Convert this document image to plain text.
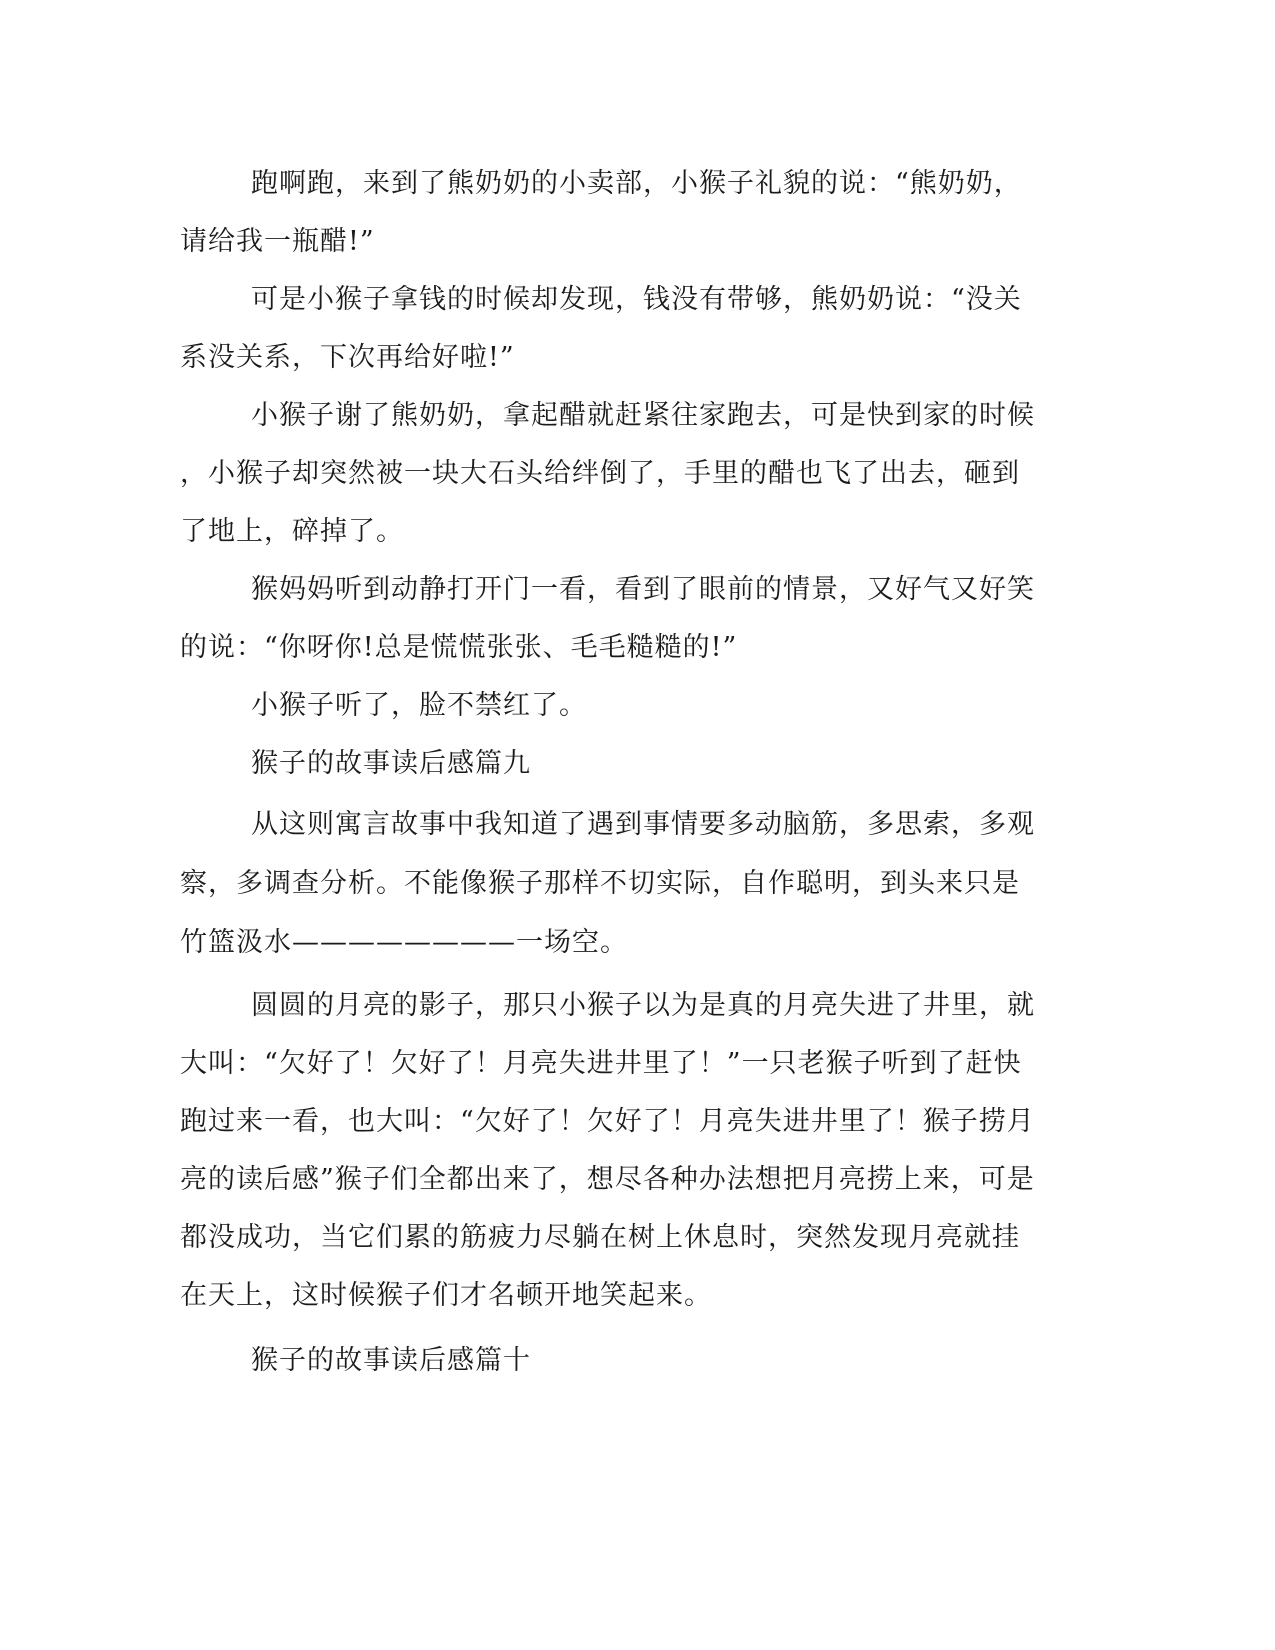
跑啊跑，来到了熊奶奶的小卖部，小猴子礼貌的说：“熊奶奶，
请给我一瓶醋!”
可是小猴子拿钱的时候却发现，钱没有带够，熊奶奶说：“没关
系没关系，下次再给好啦!”
小猴子谢了熊奶奶，拿起醋就赶紧往家跑去，可是快到家的时候
，小猴子却突然被一块大石头给绊倒了，手里的醋也飞了出去，砸到
了地上，碎掉了。
猴妈妈听到动静打开门一看，看到了眼前的情景，又好气又好笑
的说：“你呀你!总是慌慌张张、毛毛糙糙的!”
小猴子听了，脸不禁红了。
猴子的故事读后感篇九
从这则寓言故事中我知道了遇到事情要多动脑筋，多思索，多观
察，多调查分析。不能像猴子那样不切实际，自作聪明，到头来只是
竹篮汲水————————一场空。
圆圆的月亮的影子，那只小猴子以为是真的月亮失进了井里，就
大叫：“欠好了！欠好了！月亮失进井里了！”一只老猴子听到了赶快
跑过来一看，也大叫：“欠好了！欠好了！月亮失进井里了！猴子捞月
亮的读后感”猴子们全都出来了，想尽各种办法想把月亮捞上来，可是
都没成功，当它们累的筋疲力尽躺在树上休息时，突然发现月亮就挂
在天上，这时候猴子们才名顿开地笑起来。
猴子的故事读后感篇十
